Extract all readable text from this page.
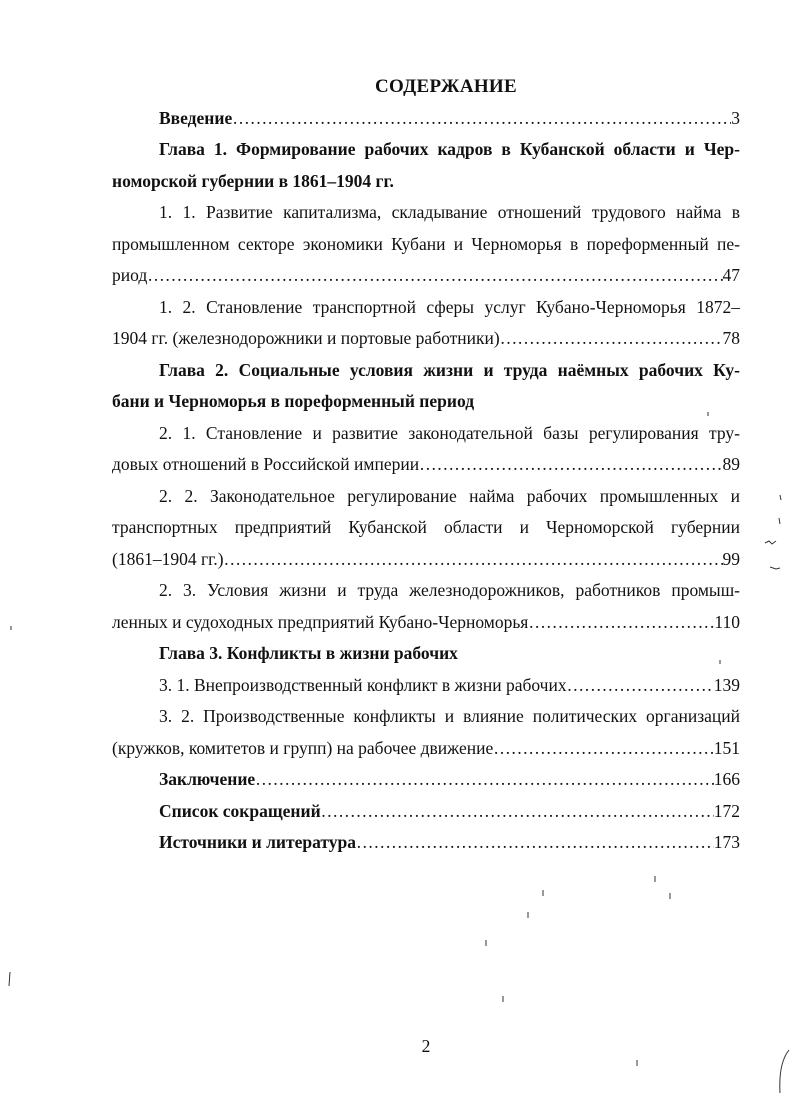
СОДЕРЖАНИЕ
Введение ……………………………………………………………………………………………………………………………………………………………………	3
Глава 1. Формирование рабочих кадров в Кубанской области и Чер-
номорской губернии в 1861–1904 гг.
1. 1. Развитие капитализма, складывание отношений трудового найма в
промышленном секторе экономики Кубани и Черноморья в пореформенный пе-
риод ……………………………………………………………………………………………………………………………………………………………………	47
1. 2. Становление транспортной сферы услуг Кубано-Черноморья 1872–
1904 гг. (железнодорожники и портовые работники) ……………………………………………………………………………………………………………………………………………………………………	78
Глава 2. Социальные условия жизни и труда наёмных рабочих Ку-
бани и Черноморья в пореформенный период
2. 1. Становление и развитие законодательной базы регулирования тру-
довых отношений в Российской империи ……………………………………………………………………………………………………………………………………………………………………	89
2. 2. Законодательное регулирование найма рабочих промышленных и
транспортных предприятий Кубанской области и Черноморской губернии
(1861–1904 гг.) ……………………………………………………………………………………………………………………………………………………………………	99
2. 3. Условия жизни и труда железнодорожников, работников промыш-
ленных и судоходных предприятий Кубано-Черноморья ……………………………………………………………………………………………………………………………………………………………………	110
Глава 3. Конфликты в жизни рабочих
3. 1. Внепроизводственный конфликт в жизни рабочих ……………………………………………………………………………………………………………………………………………………………………	139
3. 2. Производственные конфликты и влияние политических организаций
(кружков, комитетов и групп) на рабочее движение ……………………………………………………………………………………………………………………………………………………………………	151
Заключение ……………………………………………………………………………………………………………………………………………………………………	166
Список сокращений ……………………………………………………………………………………………………………………………………………………………………	172
Источники и литература ……………………………………………………………………………………………………………………………………………………………………	173
2
